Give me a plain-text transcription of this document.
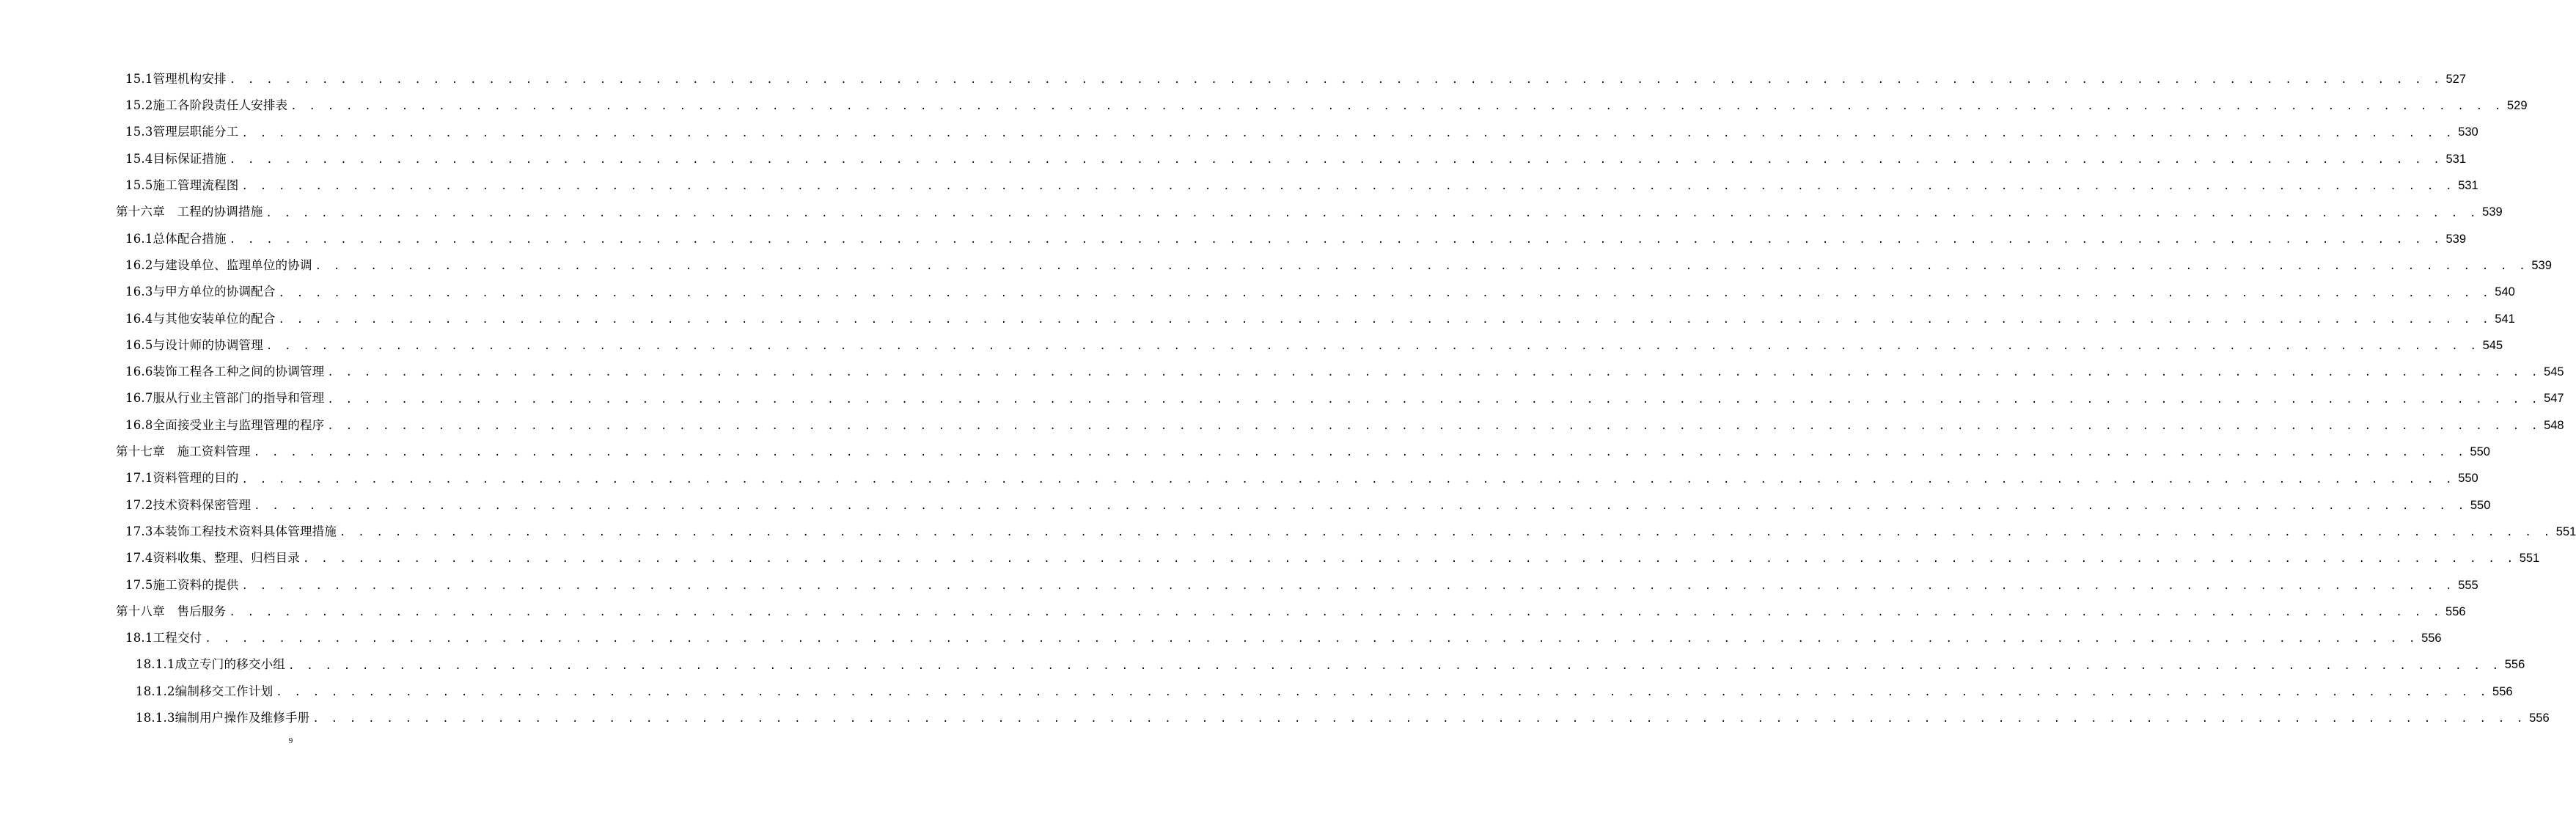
15.1管理机构安排 . . . . . . . . . . . . . . . . . . . . . . . . . . . . . . . . . . . . . . . . . . . . . . . . . . . . . . . . . . . . . . . . . . . . . . . . . . . . . . . . . . . . . . . . . . . . . . . . . . . . . . . . . . . . . . . . . . . . . . . . 527
15.2施工各阶段责任人安排表 . . . . . . . . . . . . . . . . . . . . . . . . . . . . . . . . . . . . . . . . . . . . . . . . . . . . . . . . . . . . . . . . . . . . . . . . . . . . . . . . . . . . . . . . . . . . . . . . . . . . . . . . . . . . . . . . . . . . . . . . 529
15.3管理层职能分工 . . . . . . . . . . . . . . . . . . . . . . . . . . . . . . . . . . . . . . . . . . . . . . . . . . . . . . . . . . . . . . . . . . . . . . . . . . . . . . . . . . . . . . . . . . . . . . . . . . . . . . . . . . . . . . . . . . . . . . . . 530
15.4目标保证措施 . . . . . . . . . . . . . . . . . . . . . . . . . . . . . . . . . . . . . . . . . . . . . . . . . . . . . . . . . . . . . . . . . . . . . . . . . . . . . . . . . . . . . . . . . . . . . . . . . . . . . . . . . . . . . . . . . . . . . . . . 531
15.5施工管理流程图 . . . . . . . . . . . . . . . . . . . . . . . . . . . . . . . . . . . . . . . . . . . . . . . . . . . . . . . . . . . . . . . . . . . . . . . . . . . . . . . . . . . . . . . . . . . . . . . . . . . . . . . . . . . . . . . . . . . . . . . . 531
第十六章　工程的协调措施 . . . . . . . . . . . . . . . . . . . . . . . . . . . . . . . . . . . . . . . . . . . . . . . . . . . . . . . . . . . . . . . . . . . . . . . . . . . . . . . . . . . . . . . . . . . . . . . . . . . . . . . . . . . . . . . . . . . . . . . . 539
16.1总体配合措施 . . . . . . . . . . . . . . . . . . . . . . . . . . . . . . . . . . . . . . . . . . . . . . . . . . . . . . . . . . . . . . . . . . . . . . . . . . . . . . . . . . . . . . . . . . . . . . . . . . . . . . . . . . . . . . . . . . . . . . . . 539
16.2与建设单位、监理单位的协调 . . . . . . . . . . . . . . . . . . . . . . . . . . . . . . . . . . . . . . . . . . . . . . . . . . . . . . . . . . . . . . . . . . . . . . . . . . . . . . . . . . . . . . . . . . . . . . . . . . . . . . . . . . . . . . . . . . . . . . . . 539
16.3与甲方单位的协调配合 . . . . . . . . . . . . . . . . . . . . . . . . . . . . . . . . . . . . . . . . . . . . . . . . . . . . . . . . . . . . . . . . . . . . . . . . . . . . . . . . . . . . . . . . . . . . . . . . . . . . . . . . . . . . . . . . . . . . . . . . 540
16.4与其他安装单位的配合 . . . . . . . . . . . . . . . . . . . . . . . . . . . . . . . . . . . . . . . . . . . . . . . . . . . . . . . . . . . . . . . . . . . . . . . . . . . . . . . . . . . . . . . . . . . . . . . . . . . . . . . . . . . . . . . . . . . . . . . . 541
16.5与设计师的协调管理 . . . . . . . . . . . . . . . . . . . . . . . . . . . . . . . . . . . . . . . . . . . . . . . . . . . . . . . . . . . . . . . . . . . . . . . . . . . . . . . . . . . . . . . . . . . . . . . . . . . . . . . . . . . . . . . . . . . . . . . . 545
16.6装饰工程各工种之间的协调管理 . . . . . . . . . . . . . . . . . . . . . . . . . . . . . . . . . . . . . . . . . . . . . . . . . . . . . . . . . . . . . . . . . . . . . . . . . . . . . . . . . . . . . . . . . . . . . . . . . . . . . . . . . . . . . . . . . . . . . . . . 545
16.7服从行业主管部门的指导和管理 . . . . . . . . . . . . . . . . . . . . . . . . . . . . . . . . . . . . . . . . . . . . . . . . . . . . . . . . . . . . . . . . . . . . . . . . . . . . . . . . . . . . . . . . . . . . . . . . . . . . . . . . . . . . . . . . . . . . . . . . 547
16.8全面接受业主与监理管理的程序 . . . . . . . . . . . . . . . . . . . . . . . . . . . . . . . . . . . . . . . . . . . . . . . . . . . . . . . . . . . . . . . . . . . . . . . . . . . . . . . . . . . . . . . . . . . . . . . . . . . . . . . . . . . . . . . . . . . . . . . . 548
第十七章　施工资料管理 . . . . . . . . . . . . . . . . . . . . . . . . . . . . . . . . . . . . . . . . . . . . . . . . . . . . . . . . . . . . . . . . . . . . . . . . . . . . . . . . . . . . . . . . . . . . . . . . . . . . . . . . . . . . . . . . . . . . . . . . 550
17.1资料管理的目的 . . . . . . . . . . . . . . . . . . . . . . . . . . . . . . . . . . . . . . . . . . . . . . . . . . . . . . . . . . . . . . . . . . . . . . . . . . . . . . . . . . . . . . . . . . . . . . . . . . . . . . . . . . . . . . . . . . . . . . . . 550
17.2技术资料保密管理 . . . . . . . . . . . . . . . . . . . . . . . . . . . . . . . . . . . . . . . . . . . . . . . . . . . . . . . . . . . . . . . . . . . . . . . . . . . . . . . . . . . . . . . . . . . . . . . . . . . . . . . . . . . . . . . . . . . . . . . . 550
17.3本装饰工程技术资料具体管理措施 . . . . . . . . . . . . . . . . . . . . . . . . . . . . . . . . . . . . . . . . . . . . . . . . . . . . . . . . . . . . . . . . . . . . . . . . . . . . . . . . . . . . . . . . . . . . . . . . . . . . . . . . . . . . . . . . . . . . . . . . 551
17.4资料收集、整理、归档目录 . . . . . . . . . . . . . . . . . . . . . . . . . . . . . . . . . . . . . . . . . . . . . . . . . . . . . . . . . . . . . . . . . . . . . . . . . . . . . . . . . . . . . . . . . . . . . . . . . . . . . . . . . . . . . . . . . . . . . . . . 551
17.5施工资料的提供 . . . . . . . . . . . . . . . . . . . . . . . . . . . . . . . . . . . . . . . . . . . . . . . . . . . . . . . . . . . . . . . . . . . . . . . . . . . . . . . . . . . . . . . . . . . . . . . . . . . . . . . . . . . . . . . . . . . . . . . . 555
第十八章　售后服务 . . . . . . . . . . . . . . . . . . . . . . . . . . . . . . . . . . . . . . . . . . . . . . . . . . . . . . . . . . . . . . . . . . . . . . . . . . . . . . . . . . . . . . . . . . . . . . . . . . . . . . . . . . . . . . . . . . . . . . . . 556
18.1工程交付 . . . . . . . . . . . . . . . . . . . . . . . . . . . . . . . . . . . . . . . . . . . . . . . . . . . . . . . . . . . . . . . . . . . . . . . . . . . . . . . . . . . . . . . . . . . . . . . . . . . . . . . . . . . . . . . . . . . . . . . . 556
18.1.1成立专门的移交小组 . . . . . . . . . . . . . . . . . . . . . . . . . . . . . . . . . . . . . . . . . . . . . . . . . . . . . . . . . . . . . . . . . . . . . . . . . . . . . . . . . . . . . . . . . . . . . . . . . . . . . . . . . . . . . . . . . . . . . . . . 556
18.1.2编制移交工作计划 . . . . . . . . . . . . . . . . . . . . . . . . . . . . . . . . . . . . . . . . . . . . . . . . . . . . . . . . . . . . . . . . . . . . . . . . . . . . . . . . . . . . . . . . . . . . . . . . . . . . . . . . . . . . . . . . . . . . . . . . 556
18.1.3编制用户操作及维修手册 . . . . . . . . . . . . . . . . . . . . . . . . . . . . . . . . . . . . . . . . . . . . . . . . . . . . . . . . . . . . . . . . . . . . . . . . . . . . . . . . . . . . . . . . . . . . . . . . . . . . . . . . . . . . . . . . . . . . . . . . 556
9
